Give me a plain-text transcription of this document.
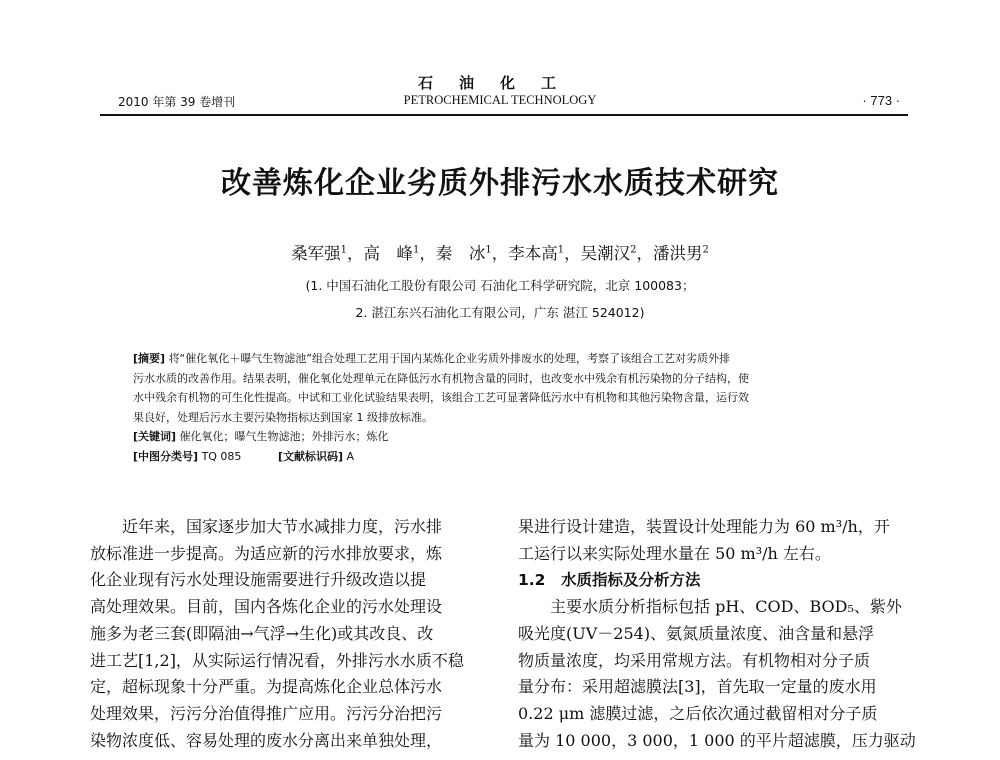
石油化工
2010 年第 39 卷增刊	PETROCHEMICAL TECHNOLOGY	· 773 ·
改善炼化企业劣质外排污水水质技术研究
桑军强$^1$，高　峰$^1$，秦　冰$^1$，李本高$^1$，吴潮汉$^2$，潘洪男$^2$
(1. 中国石油化工股份有限公司 石油化工科学研究院，北京 100083；
2. 湛江东兴石油化工有限公司，广东 湛江 524012)
[摘要] 将“催化氧化＋曝气生物滤池”组合处理工艺用于国内某炼化企业劣质外排废水的处理，考察了该组合工艺对劣质外排
污水水质的改善作用。结果表明，催化氧化处理单元在降低污水有机物含量的同时，也改变水中残余有机污染物的分子结构，使
水中残余有机物的可生化性提高。中试和工业化试验结果表明，该组合工艺可显著降低污水中有机物和其他污染物含量，运行效
果良好，处理后污水主要污染物指标达到国家 1 级排放标准。
[关键词] 催化氧化；曝气生物滤池；外排污水；炼化
[中图分类号] TQ 085　　　	[文献标识码] A
近年来，国家逐步加大节水减排力度，污水排
放标准进一步提高。为适应新的污水排放要求，炼
化企业现有污水处理设施需要进行升级改造以提
高处理效果。目前，国内各炼化企业的污水处理设
施多为老三套(即隔油→气浮→生化)或其改良、改
进工艺[1,2]，从实际运行情况看，外排污水水质不稳
定，超标现象十分严重。为提高炼化企业总体污水
处理效果，污污分治值得推广应用。污污分治把污
染物浓度低、容易处理的废水分离出来单独处理，
果进行设计建造，装置设计处理能力为 60 m³/h，开
工运行以来实际处理水量在 50 m³/h 左右。
1.2　水质指标及分析方法
主要水质分析指标包括 pH、COD、BOD₅、紫外
吸光度(UV－254)、氨氮质量浓度、油含量和悬浮
物质量浓度，均采用常规方法。有机物相对分子质
量分布：采用超滤膜法[3]，首先取一定量的废水用
0.22 μm 滤膜过滤，之后依次通过截留相对分子质
量为 10 000，3 000，1 000 的平片超滤膜，压力驱动
